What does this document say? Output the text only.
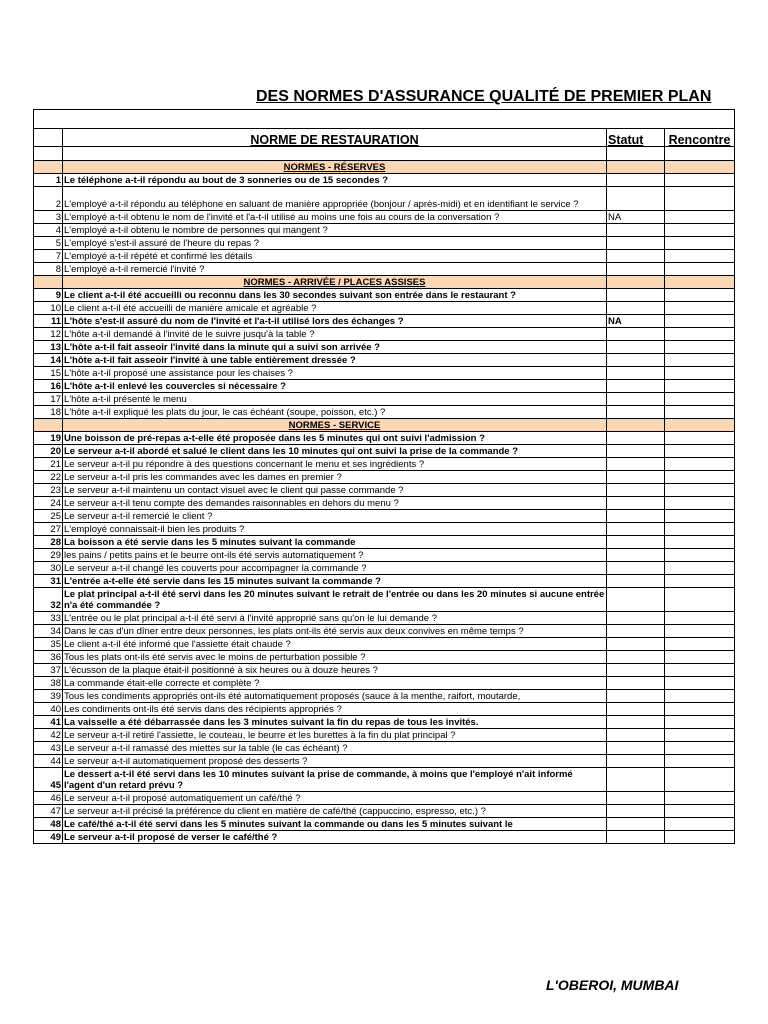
DES NORMES D'ASSURANCE QUALITÉ DE PREMIER PLAN

	NORME DE RESTAURATION	Statut	Rencontre

	NORMES - RÉSERVES		
1	Le téléphone a-t-il répondu au bout de 3 sonneries ou de 15 secondes ?		
2	L'employé a-t-il répondu au téléphone en saluant de manière appropriée (bonjour / après-midi) et en identifiant le service ?		
3	L'employé a-t-il obtenu le nom de l'invité et l'a-t-il utilisé au moins une fois au cours de la conversation ?	NA	
4	L'employé a-t-il obtenu le nombre de personnes qui mangent ?		
5	L'employé s'est-il assuré de l'heure du repas ?		
7	L'employé a-t-il répété et confirmé les détails		
8	L'employé a-t-il remercié l'invité ?		
	NORMES - ARRIVÉE / PLACES ASSISES		
9	Le client a-t-il été accueilli ou reconnu dans les 30 secondes suivant son entrée dans le restaurant ?		
10	Le client a-t-il été accueilli de manière amicale et agréable ?		
11	L'hôte s'est-il assuré du nom de l'invité et l'a-t-il utilisé lors des échanges ?	NA	
12	L'hôte a-t-il demandé à l'invité de le suivre jusqu'à la table ?		
13	L'hôte a-t-il fait asseoir l'invité dans la minute qui a suivi son arrivée ?		
14	L'hôte a-t-il fait asseoir l'invité à une table entièrement dressée ?		
15	L'hôte a-t-il proposé une assistance pour les chaises ?		
16	L'hôte a-t-il enlevé les couvercles si nécessaire ?		
17	L'hôte a-t-il présenté le menu		
18	L'hôte a-t-il expliqué les plats du jour, le cas échéant (soupe, poisson, etc.) ?		
	NORMES - SERVICE		
19	Une boisson de pré-repas a-t-elle été proposée dans les 5 minutes qui ont suivi l'admission ?		
20	Le serveur a-t-il abordé et salué le client dans les 10 minutes qui ont suivi la prise de la commande ?		
21	Le serveur a-t-il pu répondre à des questions concernant le menu et ses ingrédients ?		
22	Le serveur a-t-il pris les commandes avec les dames en premier ?		
23	Le serveur a-t-il maintenu un contact visuel avec le client qui passe commande ?		
24	Le serveur a-t-il tenu compte des demandes raisonnables en dehors du menu ?		
25	Le serveur a-t-il remercié le client ?		
27	L'employé connaissait-il bien les produits ?		
28	La boisson a été servie dans les 5 minutes suivant la commande		
29	les pains / petits pains et le beurre ont-ils été servis automatiquement ?		
30	Le serveur a-t-il changé les couverts pour accompagner la commande ?		
31	L'entrée a-t-elle été servie dans les 15 minutes suivant la commande ?		
32	Le plat principal a-t-il été servi dans les 20 minutes suivant le retrait de l'entrée ou dans les 20 minutes si aucune entrée n'a été commandée ?		
33	L'entrée ou le plat principal a-t-il été servi à l'invité approprié sans qu'on le lui demande ?		
34	Dans le cas d'un dîner entre deux personnes, les plats ont-ils été servis aux deux convives en même temps ?		
35	Le client a-t-il été informé que l'assiette était chaude ?		
36	Tous les plats ont-ils été servis avec le moins de perturbation possible ?		
37	L'écusson de la plaque était-il positionné à six heures ou à douze heures ?		
38	La commande était-elle correcte et complète ?		
39	Tous les condiments appropriés ont-ils été automatiquement proposés (sauce à la menthe, raifort, moutarde,		
40	Les condiments ont-ils été servis dans des récipients appropriés ?		
41	La vaisselle a été débarrassée dans les 3 minutes suivant la fin du repas de tous les invités.		
42	Le serveur a-t-il retiré l'assiette, le couteau, le beurre et les burettes à la fin du plat principal ?		
43	Le serveur a-t-il ramassé des miettes sur la table (le cas échéant) ?		
44	Le serveur a-t-il automatiquement proposé des desserts ?		
45	Le dessert a-t-il été servi dans les 10 minutes suivant la prise de commande, à moins que l'employé n'ait informé l'agent d'un retard prévu ?		
46	Le serveur a-t-il proposé automatiquement un café/thé ?		
47	Le serveur a-t-il précisé la préférence du client en matière de café/thé (cappuccino, espresso, etc.) ?		
48	Le café/thé a-t-il été servi dans les 5 minutes suivant la commande ou dans les 5 minutes suivant le		
49	Le serveur a-t-il proposé de verser le café/thé ?		
L'OBEROI, MUMBAI
